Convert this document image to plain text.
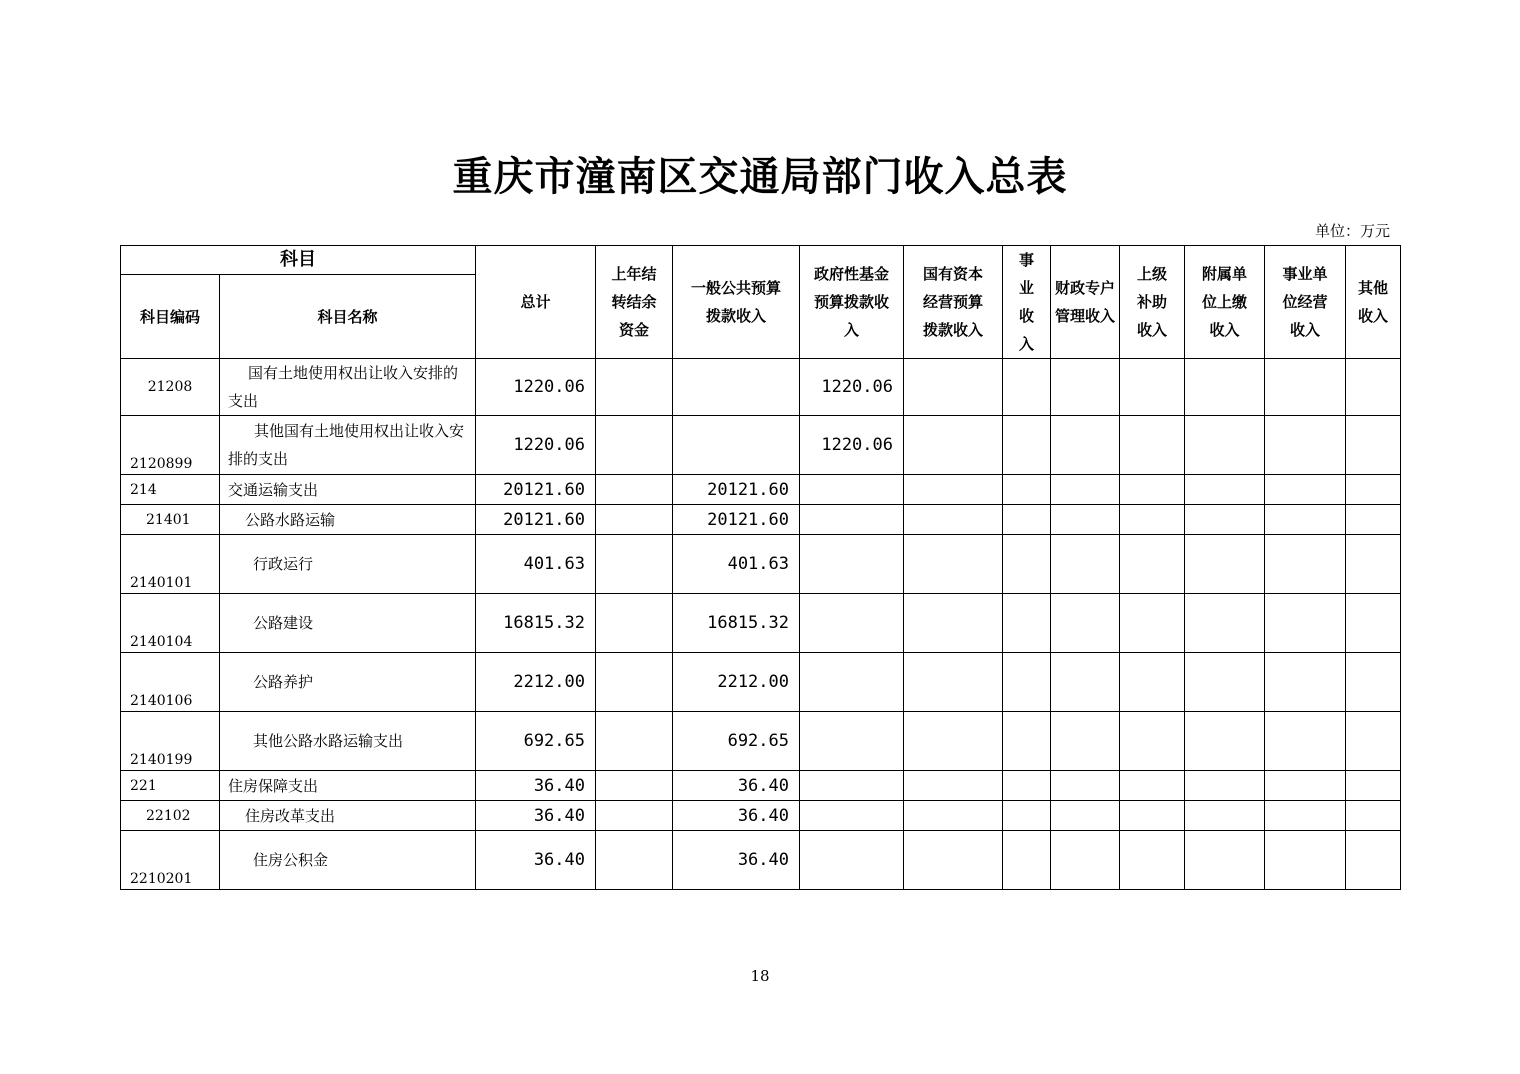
重庆市潼南区交通局部门收入总表
单位：万元
科目		总计	上年结转结余资金	一般公共预算拨款收入	政府性基金预算拨款收入	国有资本经营预算拨款收入	事业收入	财政专户管理收入	上级补助收入	附属单位上缴收入	事业单位经营收入	其他收入
科目编码	科目名称											
21208	国有土地使用权出让收入安排的支出	1220.06			1220.06							
2120899	其他国有土地使用权出让收入安排的支出	1220.06			1220.06							
214	交通运输支出	20121.60		20121.60								
21401	公路水路运输	20121.60		20121.60								
2140101	行政运行	401.63		401.63								
2140104	公路建设	16815.32		16815.32								
2140106	公路养护	2212.00		2212.00								
2140199	其他公路水路运输支出	692.65		692.65								
221	住房保障支出	36.40		36.40								
22102	住房改革支出	36.40		36.40								
2210201	住房公积金	36.40		36.40								
18
